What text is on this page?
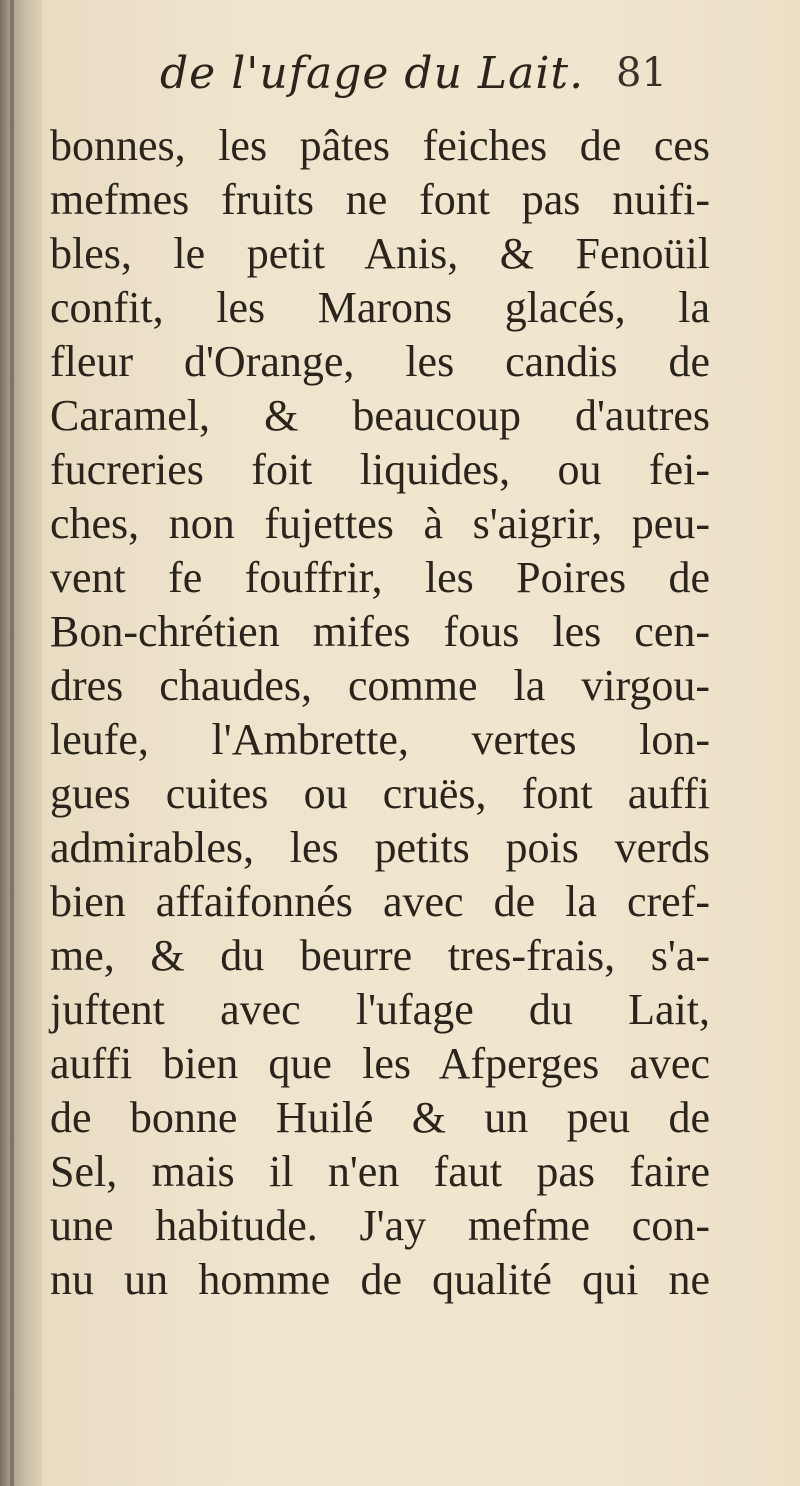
de l'ufage du Lait. 81
bonnes, les pâtes feiches de ces
mefmes fruits ne font pas nuifi-
bles, le petit Anis, & Fenoüil
confit, les Marons glacés, la
fleur d'Orange, les candis de
Caramel, & beaucoup d'autres
fucreries foit liquides, ou fei-
ches, non fujettes à s'aigrir, peu-
vent fe fouffrir, les Poires de
Bon-chrétien mifes fous les cen-
dres chaudes, comme la virgou-
leufe, l'Ambrette, vertes lon-
gues cuites ou cruës, font auffi
admirables, les petits pois verds
bien affaifonnés avec de la cref-
me, & du beurre tres-frais, s'a-
juftent avec l'ufage du Lait,
auffi bien que les Afperges avec
de bonne Huilé & un peu de
Sel, mais il n'en faut pas faire
une habitude. J'ay mefme con-
nu un homme de qualité qui ne
